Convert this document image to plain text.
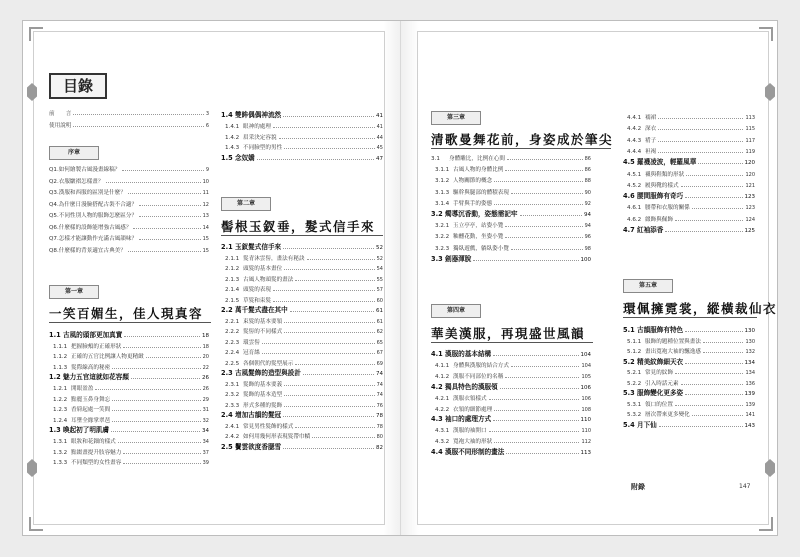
目錄
前　　言	3
使用說明	6
序章
Q1.如何繪製古風漫畫線稿？	9
Q2.衣服皺褶怎樣畫？	10
Q3.漢服和西服的區別是什麼？	11
Q4.為什麼日漫臉搭配古裝不合適？	12
Q5.不同性別人物的服飾怎麼區分？	13
Q6.什麼樣的設飾能增強古風感？	14
Q7.怎樣才能讓動作充滿古風韻味？	15
Q8.什麼樣的背景適宜古典美？	15
第一章
一笑百媚生，佳人現真容
1.1 古風的頭部更加真實	18
1.1.1 把握臉頰的正確形狀	18
1.1.2 正確的五官比例讓人物更精緻	20
1.1.3 髮際線高的秘密	22
1.2 魅力五官這就如花容顏	26
1.2.1 開眼盈盈	26
1.2.2 點麗玉鼻身舞忘	29
1.2.3 香脣起處一笑間	31
1.2.4 耳墜全緣掌翠琶	32
1.3 喚起初了明肌膚	34
1.3.1 眼妝和花鈿的樣式	34
1.3.2 點綴畫提升肢容魅力	37
1.3.3 不同類型的女性畫容	39
1.4 雙眸偶偶神流然	41
1.4.1 眼神的處理	41
1.4.2 眉采決定容貌	44
1.4.3 不同臉型的男性	45
1.5 念奴嬌	47
第二章
髻根玉釵垂，髮式信手來
2.1 玉釵髮式信手來	52
2.1.1 髮青沐雲髻，畫法有秘訣	52
2.1.2 頭髮的基本畫位	54
2.1.3 古風人物頭髮的畫法	55
2.1.4 頭髮的表現	57
2.1.5 草髮和束髮	60
2.2 萬千髮式盡在其中	61
2.2.1 束髮的基本要領	61
2.2.2 髮髻的不同樣式	62
2.2.3 環雲髻	65
2.2.4 冠育絲	67
2.2.5 各個朝代的髮型展示	69
2.3 古風髮飾的造型與設計	74
2.3.1 髮飾的基本要義	74
2.3.2 髮飾的基本造型	74
2.3.3 形式多種的髮飾	76
2.4 增加古韻的髮冠	78
2.4.1 常見男性髮飾的樣式	78
2.4.2 如何用幾何形表現髮帶巾幘	80
2.5 鬢雲欲度香腮雪	82
第三章
清歌曼舞花前，身姿成於筆尖
3.1	身體雕比，比例在心間	86
3.1.1 古風人物的身體比例	86
3.1.2 人物關節的概念	88
3.1.3 驅幹與腿部的體積表現	90
3.1.4 手臂與手的姿態	92
3.2 燭導沉香動，姿態需記牢	94
3.2.1 玉立亭亭，站姿小覽	94
3.2.2 釉醺花動，坐姿小覽	96
3.2.3 獨臥遊戲，躺臥姿小覽	98
3.3 劍器渾脫	100
第四章
華美漢服，再現盛世風韻
4.1 漢服的基本結構	104
4.1.1 身體與漢服的結合方式	104
4.1.2 漢服不同部位的名稱	105
4.2 獨具特色的漢服領	106
4.2.1 漢服衣領樣式	106
4.2.2 衣領的細節處理	108
4.3 袖口的處理方式	110
4.3.1 漢服的袖開口	110
4.3.2 寬袍大袖的形狀	112
4.4 漢服不同形制的畫法	113
4.4.1 襦裙	113
4.4.2 深衣	115
4.4.3 褙子	117
4.4.4 袒褐	119
4.5 羅襪凌波，輕羅風華	120
4.5.1 襪與鞋類的形狀	120
4.5.2 履與靴的樣式	121
4.6 腰間服飾有奇巧	123
4.6.1 腰帶和衣服的關係	123
4.6.2 綴飾與佩飾	124
4.7 紅袖添香	125
第五章
環佩擁霓裳，縱橫裁仙衣
5.1 古韻服飾有特色	130
5.1.1 服飾的題種位置與畫法	130
5.1.2 畫出寬袍大袖的飄逸感	132
5.2 精美紋飾細天衣	134
5.2.1 常見的紋飾	134
5.2.2 引入時話元素	136
5.3 服飾變化更多姿	139
5.3.1 領口的位置	139
5.3.2 層次帶來更多變化	141
5.4 月下仙	143
附錄	147
